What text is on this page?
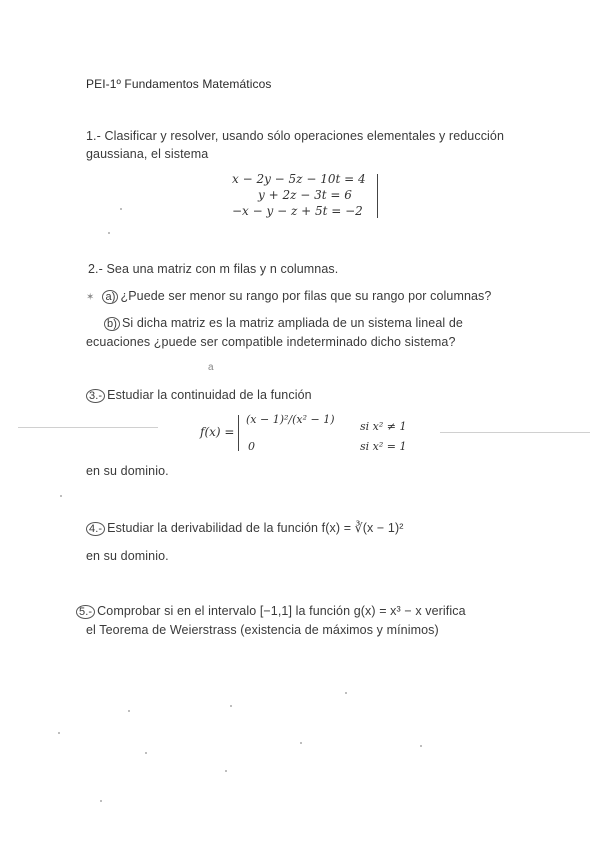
PEI-1º Fundamentos Matemáticos
1.- Clasificar y resolver, usando sólo operaciones elementales y reducción
gaussiana, el sistema
x − 2y − 5z − 10t = 4
y + 2z − 3t = 6
−x − y − z + 5t = −2
2.- Sea una matriz con m filas y n columnas.
✶ a) ¿Puede ser menor su rango por filas que su rango por columnas?
b) Si dicha matriz es la matriz ampliada de un sistema lineal de
ecuaciones ¿puede ser compatible indeterminado dicho sistema?
a
3.- Estudiar la continuidad de la función
f(x) =
(x − 1)²/(x² − 1)
si x² ≠ 1
0	si x² = 1
en su dominio.
4.- Estudiar la derivabilidad de la función f(x) = ∛(x − 1)²
en su dominio.
5.- Comprobar si en el intervalo [−1,1] la función g(x) = x³ − x verifica
el Teorema de Weierstrass (existencia de máximos y mínimos)
